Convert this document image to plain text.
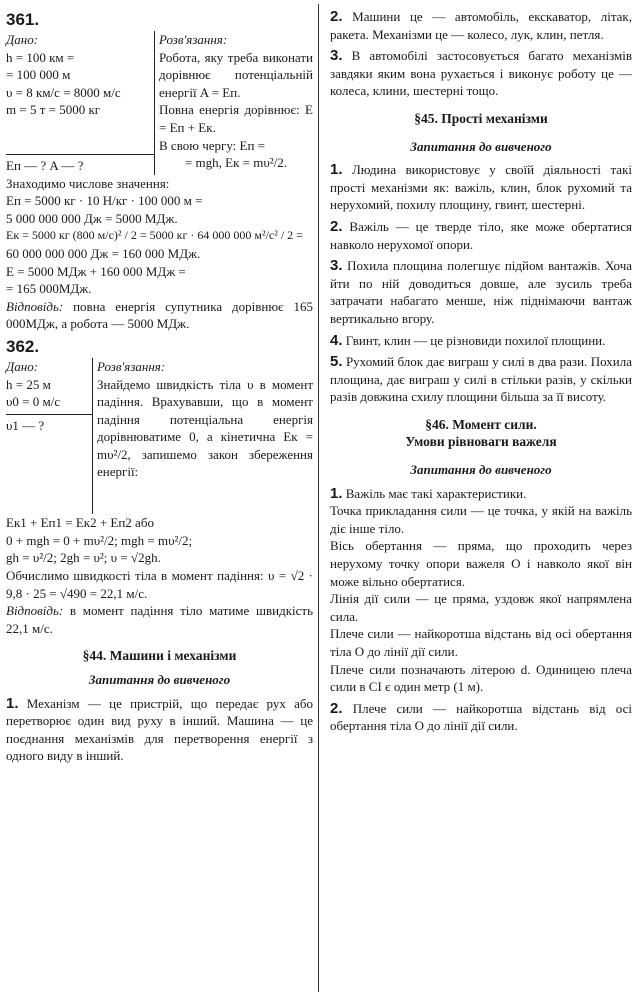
361.
Дано:
h = 100 км =
= 100 000 м
υ = 8 км/с = 8000 м/с
m = 5 т = 5000 кг
Eп — ? A — ?
Розв'язання:

Робота, яку треба виконати дорівнює потенціальній енергії A = Eп.

Повна енергія дорівнює: E = Eп + Eк.

В свою чергу: Eп =

= mgh, Eк = mυ²/2.

Знаходимо числове значення:

Eп = 5000 кг · 10 Н/кг · 100 000 м =

5 000 000 000 Дж = 5000 МДж.

Eк = 5000 кг (800 м/с)² / 2 = 5000 кг · 64 000 000 м²/с² / 2 =

60 000 000 000 Дж = 160 000 МДж.

E = 5000 МДж + 160 000 МДж =

= 165 000МДж.

Відповідь: повна енергія супутника дорівнює 165 000МДж, а робота — 5000 МДж.

362.
Дано:
h = 25 м
υ0 = 0 м/с
υ1 — ?
Розв'язання:

Знайдемо швидкість тіла υ в момент падіння. Врахувавши, що в момент падіння потенціальна енергія дорівнюватиме 0, а кінетична Eк = mυ²/2, запишемо закон збереження енергії:

Eк1 + Eп1 = Eк2 + Eп2 або

0 + mgh = 0 + mυ²/2; mgh = mυ²/2;

gh = υ²/2; 2gh = υ²; υ = √2gh.

Обчислимо швидкості тіла в момент падіння: υ = √2 · 9,8 · 25 = √490 = 22,1 м/с.

Відповідь: в момент падіння тіло матиме швидкість 22,1 м/с.

§44. Машини і механізми
Запитання до вивченого

1. Механізм — це пристрій, що передає рух або перетворює один вид руху в інший. Машина — це поєднання механізмів для перетворення енергії з одного виду в інший.

2. Машини це — автомобіль, екскаватор, літак, ракета. Механізми це — колесо, лук, клин, петля.

3. В автомобілі застосовується багато механізмів завдяки яким вона рухається і виконує роботу це — колеса, клини, шестерні тощо.

§45. Прості механізми
Запитання до вивченого

1. Людина використовує у своїй діяльності такі прості механізми як: важіль, клин, блок рухомий та нерухомий, похилу площину, гвинт, шестерні.

2. Важіль — це тверде тіло, яке може обертатися навколо нерухомої опори.

3. Похила площина полегшує підйом вантажів. Хоча йти по ній доводиться довше, але зусиль треба затрачати набагато менше, ніж піднімаючи вантаж вертикально вгору.

4. Гвинт, клин — це різновиди похилої площини.

5. Рухомий блок дає виграш у силі в два рази. Похила площина, дає виграш у силі в стільки разів, у скільки разів довжина схилу площини більша за її висоту.

§46. Момент сили.
Умови рівноваги важеля
Запитання до вивченого

1. Важіль має такі характеристики.

Точка прикладання сили — це точка, у якій на важіль діє інше тіло.

Вісь обертання — пряма, що проходить через нерухому точку опори важеля O і навколо якої він може вільно обертатися.

Лінія дії сили — це пряма, уздовж якої напрямлена сила.

Плече сили — найкоротша відстань від осі обертання тіла O до лінії дії сили.

Плече сили позначають літерою d. Одиницею плеча сили в СІ є один метр (1 м).

2. Плече сили — найкоротша відстань від осі обертання тіла O до лінії дії сили.
